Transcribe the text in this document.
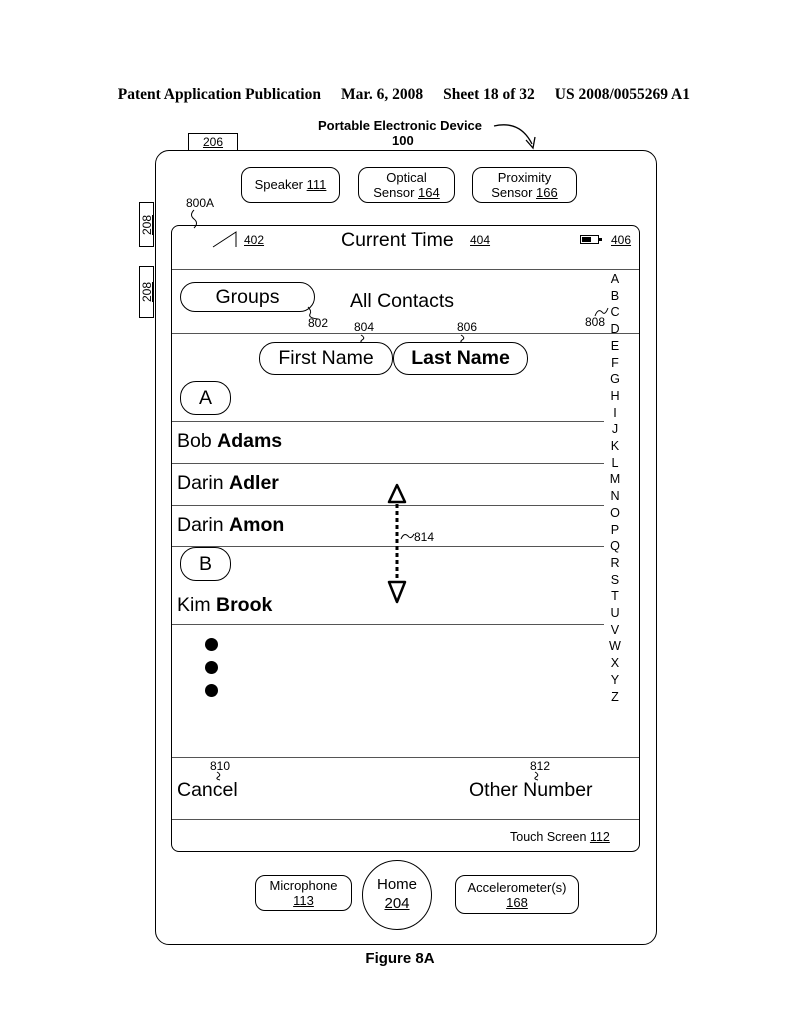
Patent Application Publication Mar. 6, 2008 Sheet 18 of 32 US 2008/0055269 A1

Portable Electronic Device
100
206
208
208
Speaker 111	Optical
Sensor 164
Proximity
Sensor 166
800A
402	Current Time 404	406
Groups	All Contacts
802	808
A
B
C
D
E
F
G
H
I
J
K
L
M
N
O
P
Q
R
S
T
U
V
W
X
Y
Z
804	806
First Name	Last Name
A
Bob Adams
Darin Adler
Darin Amon
B
Kim Brook
814
810
Cancel
812
Other Number
Touch Screen 112
Microphone
113
Home
204
Accelerometer(s)
168
Figure 8A
